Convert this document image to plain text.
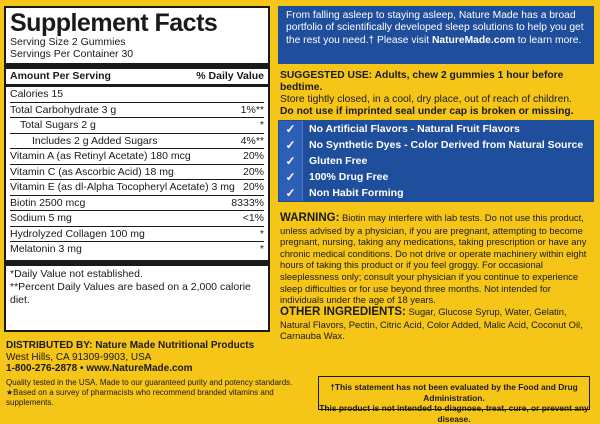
Supplement Facts
Serving Size 2 Gummies
Servings Per Container 30
Amount Per Serving	% Daily Value
Calories 15
Total Carbohydrate 3 g	1%**
Total Sugars 2 g	*
Includes 2 g Added Sugars	4%**
Vitamin A (as Retinyl Acetate) 180 mcg	20%
Vitamin C (as Ascorbic Acid) 18 mg	20%
Vitamin E (as dl-Alpha Tocopheryl Acetate) 3 mg 20%
Biotin 2500 mcg	8333%
Sodium 5 mg	<1%
Hydrolyzed Collagen 100 mg	*
Melatonin 3 mg	*
*Daily Value not established.
**Percent Daily Values are based on a 2,000 calorie diet.
DISTRIBUTED BY: Nature Made Nutritional Products
West Hills, CA 91309-9903, USA
1-800-276-2878 • www.NatureMade.com
Quality tested in the USA. Made to our guaranteed purity and potency standards.
★Based on a survey of pharmacists who recommend branded vitamins and supplements.
From falling asleep to staying asleep, Nature Made has a broad portfolio of scientifically developed sleep solutions to help you get the rest you need.† Please visit NatureMade.com to learn more.
SUGGESTED USE: Adults, chew 2 gummies 1 hour before bedtime.
Store tightly closed, in a cool, dry place, out of reach of children.
Do not use if imprinted seal under cap is broken or missing.
✓	No Artificial Flavors - Natural Fruit Flavors
✓	No Synthetic Dyes - Color Derived from Natural Source
✓	Gluten Free
✓	100% Drug Free
✓	Non Habit Forming
WARNING: Biotin may interfere with lab tests. Do not use this product, unless advised by a physician, if you are pregnant, attempting to become pregnant, nursing, taking any medications, taking prescription or have any chronic medical conditions. Do not drive or operate machinery within eight hours of taking this product or if you feel groggy. For occasional sleeplessness only; consult your physician if you continue to experience sleep difficulties or for use beyond three months. Not intended for individuals under the age of 18 years.
OTHER INGREDIENTS: Sugar, Glucose Syrup, Water, Gelatin, Natural Flavors, Pectin, Citric Acid, Color Added, Malic Acid, Coconut Oil, Carnauba Wax.
†This statement has not been evaluated by the Food and Drug Administration.
This product is not intended to diagnose, treat, cure, or prevent any disease.
